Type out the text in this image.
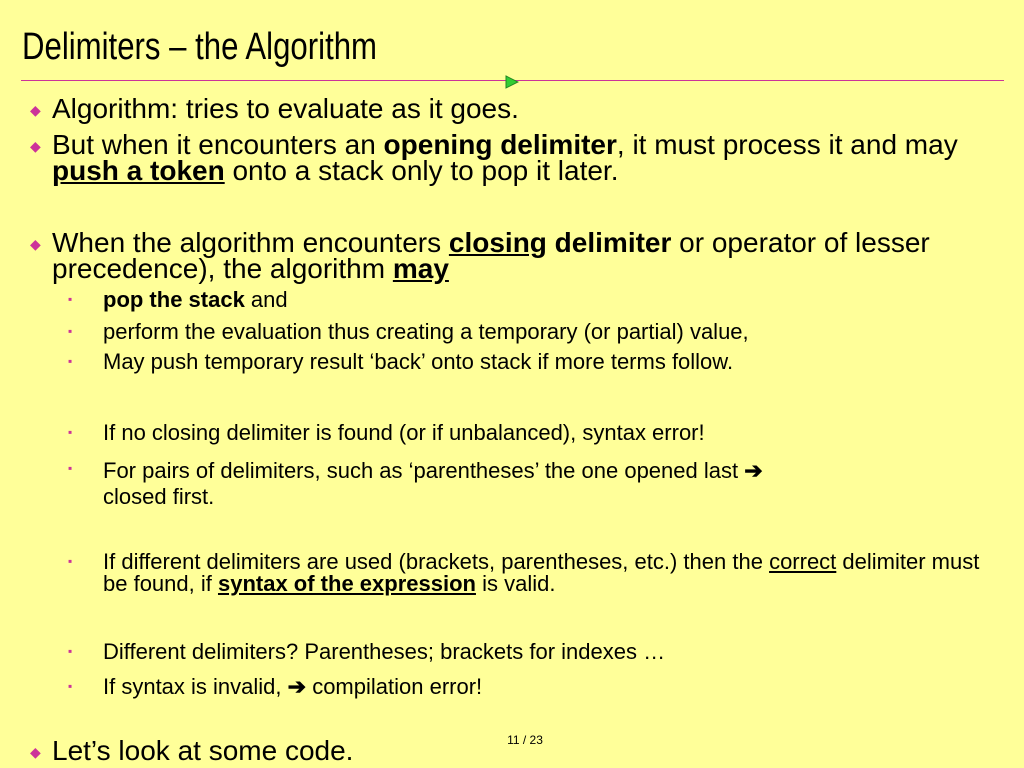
Delimiters – the Algorithm
◆ Algorithm: tries to evaluate as it goes.
◆ But when it encounters an opening delimiter, it must process it and may push a token onto a stack only to pop it later.
◆ When the algorithm encounters closing delimiter or operator of lesser precedence), the algorithm may
▪ pop the stack and
▪ perform the evaluation thus creating a temporary (or partial) value,
▪ May push temporary result ‘back’ onto stack if more terms follow.
▪ If no closing delimiter is found (or if unbalanced), syntax error!
▪ For pairs of delimiters, such as ‘parentheses’ the one opened last ➔
closed first.
▪ If different delimiters are used (brackets, parentheses, etc.) then the correct delimiter must be found, if syntax of the expression is valid.
▪ Different delimiters? Parentheses; brackets for indexes …
▪ If syntax is invalid, ➔ compilation error!
◆ Let’s look at some code.	11 / 23
